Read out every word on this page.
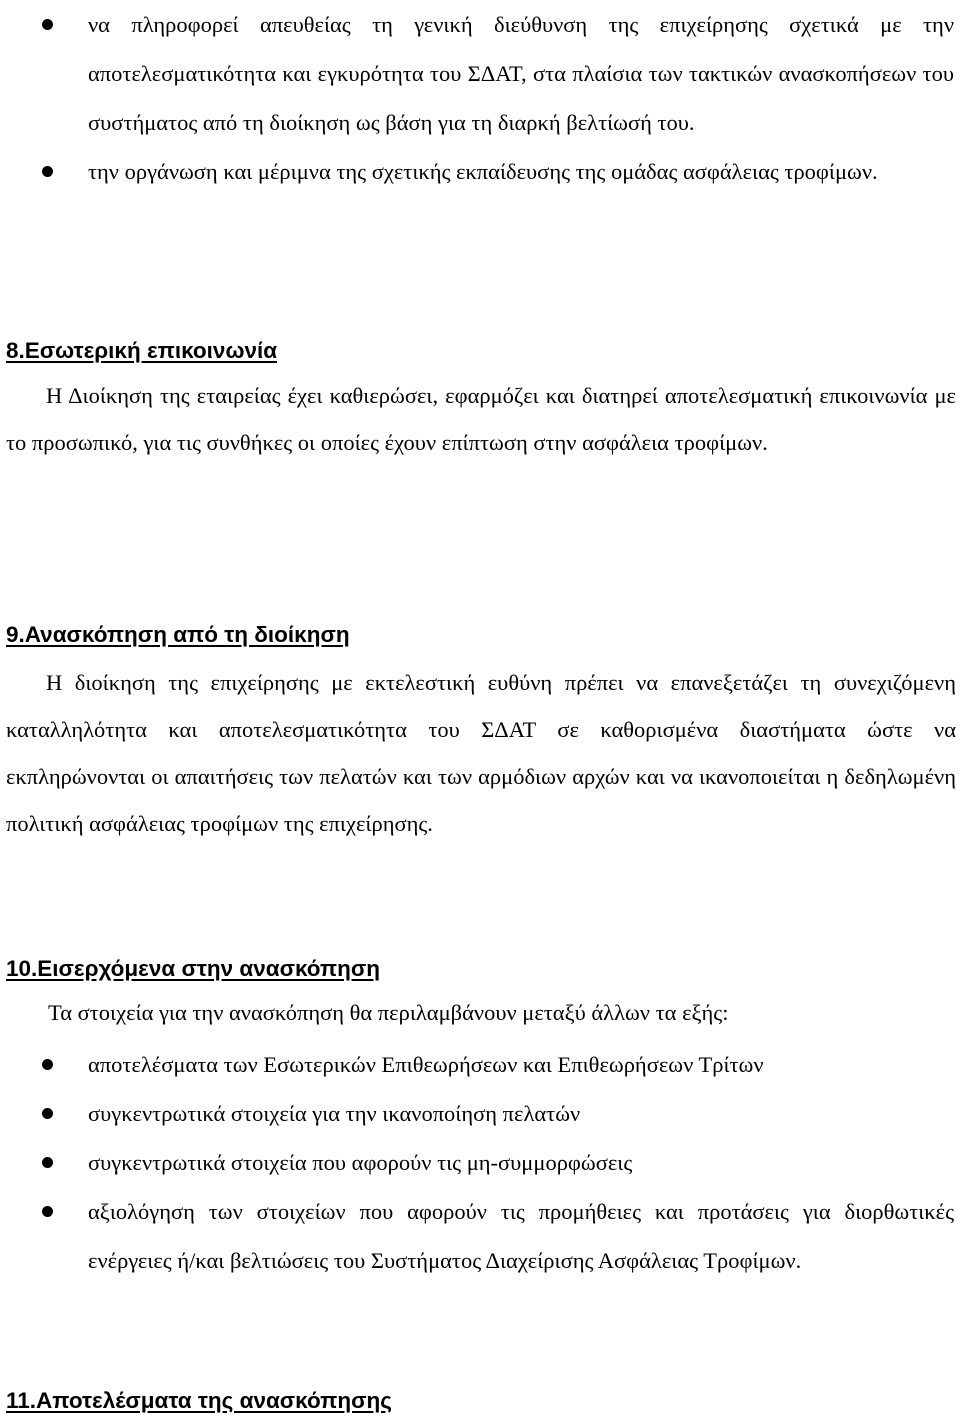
να πληροφορεί απευθείας τη γενική διεύθυνση της επιχείρησης σχετικά με την αποτελεσματικότητα και εγκυρότητα του ΣΔΑΤ, στα πλαίσια των τακτικών ανασκοπήσεων του συστήματος από τη διοίκηση ως βάση για τη διαρκή βελτίωσή του.
την οργάνωση και μέριμνα της σχετικής εκπαίδευσης της ομάδας ασφάλειας τροφίμων.
8.Εσωτερική επικοινωνία
Η Διοίκηση της εταιρείας έχει καθιερώσει, εφαρμόζει και διατηρεί αποτελεσματική επικοινωνία με το προσωπικό, για τις συνθήκες οι οποίες έχουν επίπτωση στην ασφάλεια τροφίμων.
9.Ανασκόπηση από τη διοίκηση
Η διοίκηση της επιχείρησης με εκτελεστική ευθύνη πρέπει να επανεξετάζει τη συνεχιζόμενη καταλληλότητα και αποτελεσματικότητα του ΣΔΑΤ σε καθορισμένα διαστήματα ώστε να εκπληρώνονται οι απαιτήσεις των πελατών και των αρμόδιων αρχών και να ικανοποιείται η δεδηλωμένη πολιτική ασφάλειας τροφίμων της επιχείρησης.
10.Εισερχόμενα στην ανασκόπηση
Τα στοιχεία για την ανασκόπηση θα περιλαμβάνουν μεταξύ άλλων τα εξής:
αποτελέσματα των Εσωτερικών Επιθεωρήσεων και Επιθεωρήσεων Τρίτων
συγκεντρωτικά στοιχεία για την ικανοποίηση πελατών
συγκεντρωτικά στοιχεία που αφορούν τις μη-συμμορφώσεις
αξιολόγηση των στοιχείων που αφορούν τις προμήθειες και προτάσεις για διορθωτικές ενέργειες ή/και βελτιώσεις του Συστήματος Διαχείρισης Ασφάλειας Τροφίμων.
11.Αποτελέσματα της ανασκόπησης
